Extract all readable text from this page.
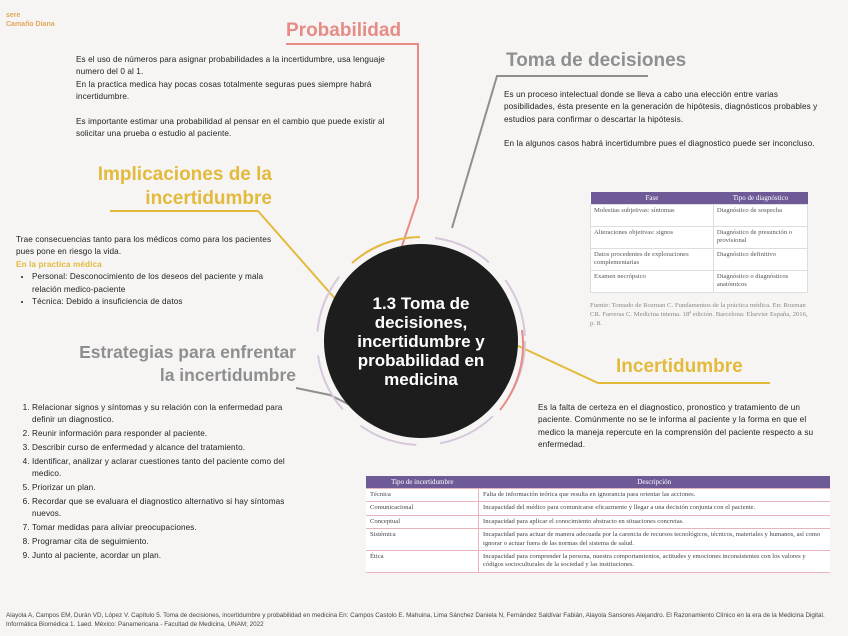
sere
Camaño Diana	Probabilidad

Es el uso de números para asignar probabilidades a la incertidumbre, usa lenguaje numero del 0 al 1.

En la practica medica hay pocas cosas totalmente seguras pues siempre habrá incertidumbre.

Es importante estimar una probabilidad al pensar en el cambio que puede existir al solicitar una prueba o estudio al paciente.

Toma de decisiones

Es un proceso intelectual donde se lleva a cabo una elección entre varias posibilidades, ésta presente en la generación de hipótesis, diagnósticos probables y estudios para confirmar o descartar la hipótesis.

En la algunos casos habrá incertidumbre pues el diagnostico puede ser inconcluso.

Implicaciones de la
incertidumbre

Trae consecuencias tanto para los médicos como para los pacientes pues pone en riesgo la vida.

En la practica médica

• Personal: Desconocimiento de los deseos del paciente y mala relación medico-paciente
• Técnica: Debido a insuficiencia de datos
Estrategias para enfrentar
la incertidumbre
1. Relacionar signos y síntomas y su relación con la enfermedad para definir un diagnostico.
2. Reunir información para responder al paciente.
3. Describir curso de enfermedad y alcance del tratamiento.
4. Identificar, analizar y aclarar cuestiones tanto del paciente como del medico.
5. Priorizar un plan.
6. Recordar que se evaluara el diagnostico alternativo si hay síntomas nuevos.
7. Tomar medidas para aliviar preocupaciones.
8. Programar cita de seguimiento.
9. Junto al paciente, acordar un plan.
1.3 Toma de decisiones, incertidumbre y probabilidad en medicina
Incertidumbre

Es la falta de certeza en el diagnostico, pronostico y tratamiento de un paciente. Comúnmente no se le informa al paciente y la forma en que el medico la maneja repercute en la comprensión del paciente respecto a su enfermedad.

Fase	Tipo de diagnóstico
Molestias subjetivas: síntomas	Diagnóstico de sospecha
Alteraciones objetivas: signos	Diagnóstico de presunción o provisional
Datos procedentes de exploraciones complementarias	Diagnóstico definitivo
Examen necrópsico	Diagnóstico o diagnósticos anatómicos
Fuente: Tomado de Rozman C. Fundamentos de la práctica médica. En: Rozman CR. Farreras C. Medicina interna. 18ª edición. Barcelona: Elsevier España, 2016, p. 8.
Tipo de incertidumbre	Descripción
Técnica	Falta de información teórica que resulta en ignorancia para orientar las acciones.
Comunicacional	Incapacidad del médico para comunicarse eficazmente y llegar a una decisión conjunta con el paciente.
Conceptual	Incapacidad para aplicar el conocimiento abstracto en situaciones concretas.
Sistémica	Incapacidad para actuar de manera adecuada por la carencia de recursos tecnológicos, técnicos, materiales y humanos, así como ignorar o actuar fuera de las normas del sistema de salud.
Ética	Incapacidad para comprender la persona, nuestra comportamientos, actitudes y emociones inconsistentes con los valores y códigos socioculturales de la sociedad y las instituciones.
Alayola A, Campos EM, Durán VD, López V. Capítulo 5. Toma de decisiones, incertidumbre y probabilidad en medicina En: Campos Castolo E. Mahuina, Lima Sánchez Daniela N, Fernández Saldívar Fabián, Alayola Sansores Alejandro. El Razonamiento Clínico en la era de la Medicina Digital. Informática Biomédica 1. 1aed. México: Panamericana - Facultad de Medicina, UNAM; 2022
